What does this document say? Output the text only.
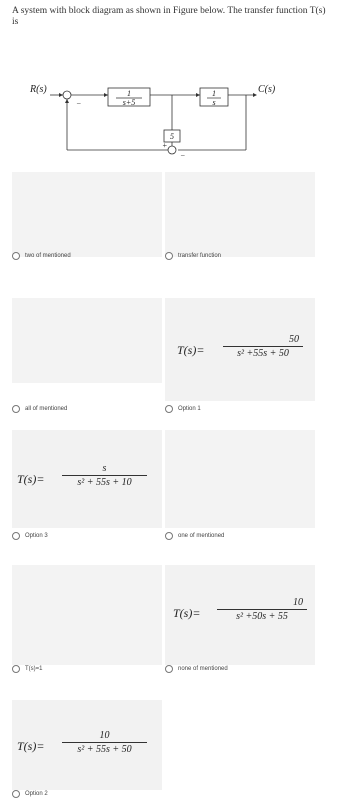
A system with block diagram as shown in Figure below. The transfer function T(s) is
R(s)	C(s)
1
s+5
1
s
5
−
+
−
two of mentioned	transfer function
all of mentioned
T(s)=
50
s² +55s + 50
Option 1
T(s)=
s
s² + 55s + 10
Option 3	one of mentioned
T(s)=1
T(s)=
10
s² +50s + 55
none of mentioned
T(s)=
10
s² + 55s + 50
Option 2
